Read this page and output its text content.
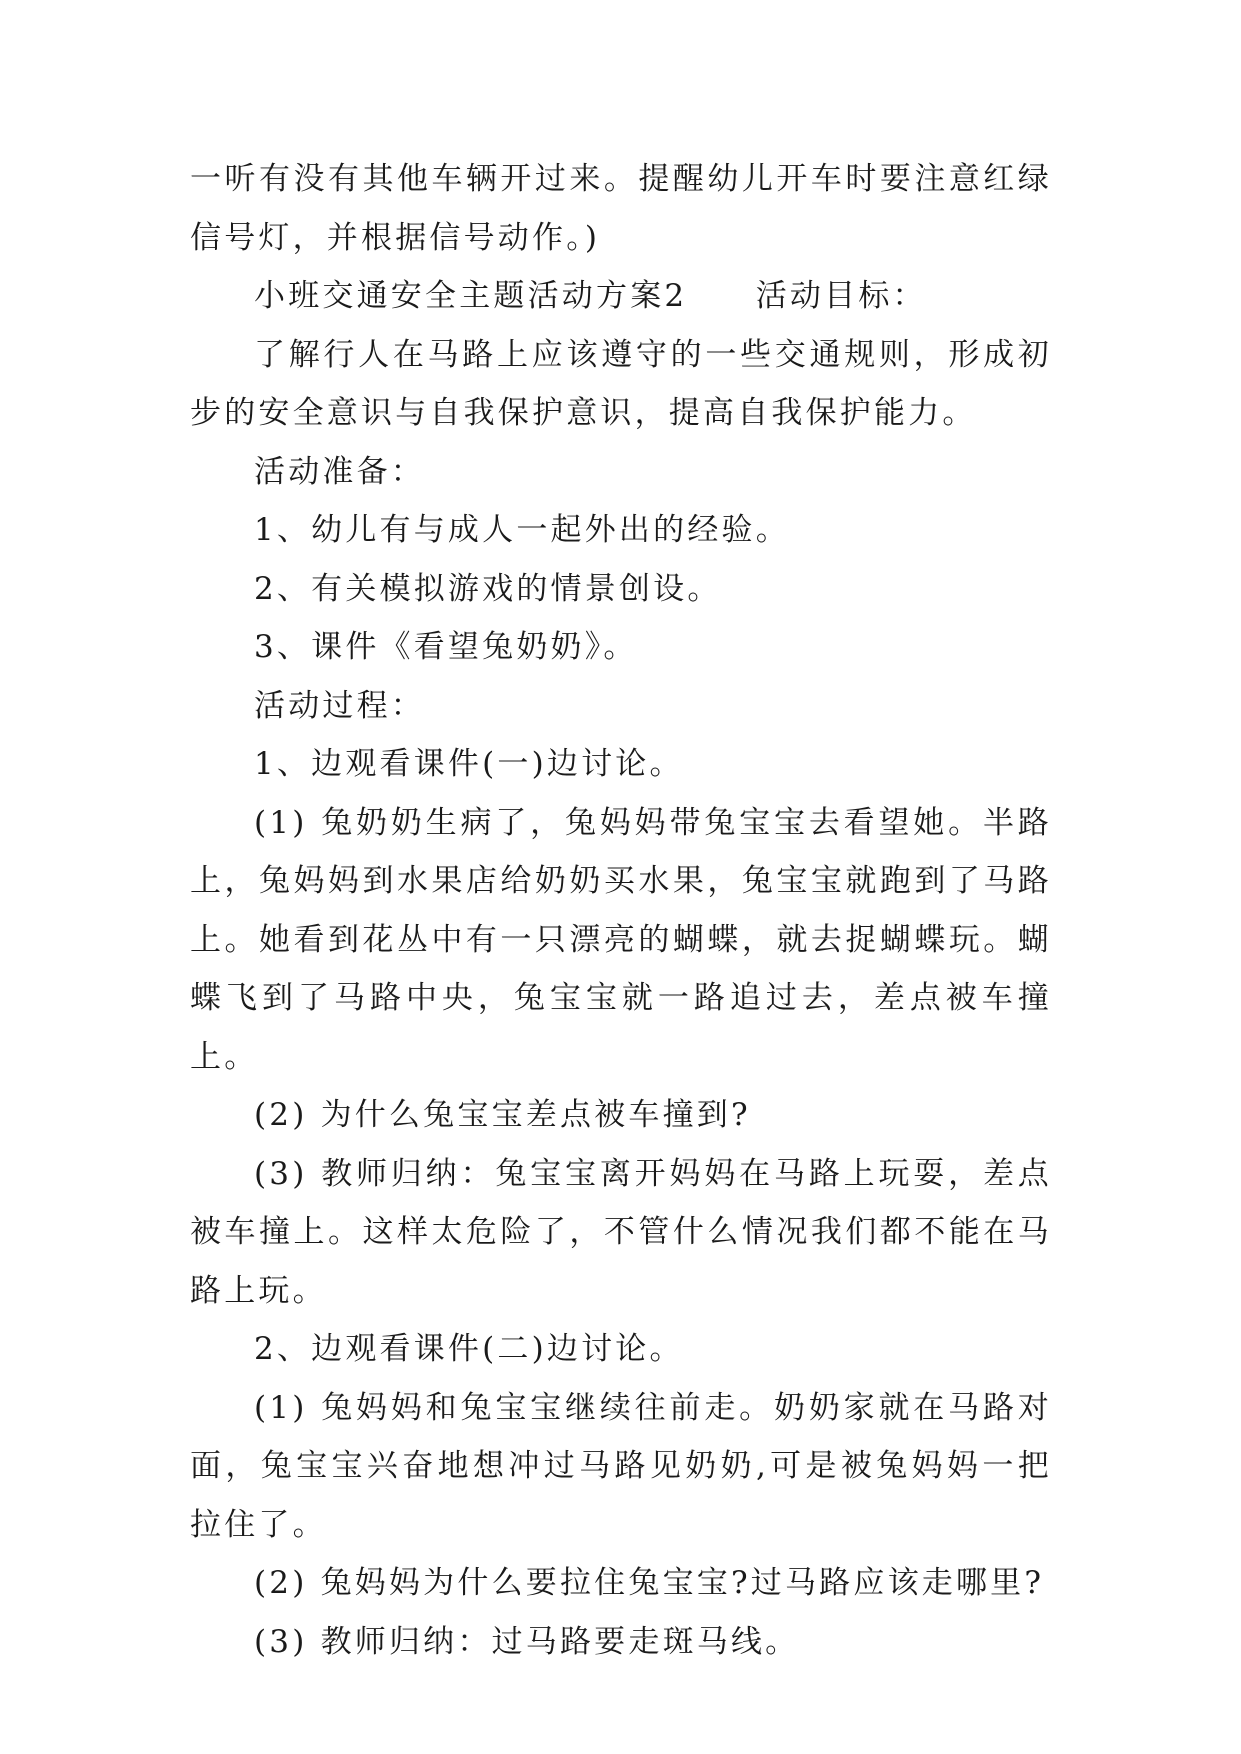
一听有没有其他车辆开过来。提醒幼儿开车时要注意红绿信号灯，并根据信号动作。)

小班交通安全主题活动方案2　　活动目标：

了解行人在马路上应该遵守的一些交通规则，形成初步的安全意识与自我保护意识，提高自我保护能力。

活动准备：

1、幼儿有与成人一起外出的经验。

2、有关模拟游戏的情景创设。

3、课件《看望兔奶奶》。

活动过程：

1、边观看课件(一)边讨论。

(1) 兔奶奶生病了，兔妈妈带兔宝宝去看望她。半路上，兔妈妈到水果店给奶奶买水果，兔宝宝就跑到了马路上。她看到花丛中有一只漂亮的蝴蝶，就去捉蝴蝶玩。蝴蝶飞到了马路中央，兔宝宝就一路追过去，差点被车撞上。

(2) 为什么兔宝宝差点被车撞到?

(3) 教师归纳：兔宝宝离开妈妈在马路上玩耍，差点被车撞上。这样太危险了，不管什么情况我们都不能在马路上玩。

2、边观看课件(二)边讨论。

(1) 兔妈妈和兔宝宝继续往前走。奶奶家就在马路对面，兔宝宝兴奋地想冲过马路见奶奶,可是被兔妈妈一把拉住了。

(2) 兔妈妈为什么要拉住兔宝宝?过马路应该走哪里?

(3) 教师归纳：过马路要走斑马线。
